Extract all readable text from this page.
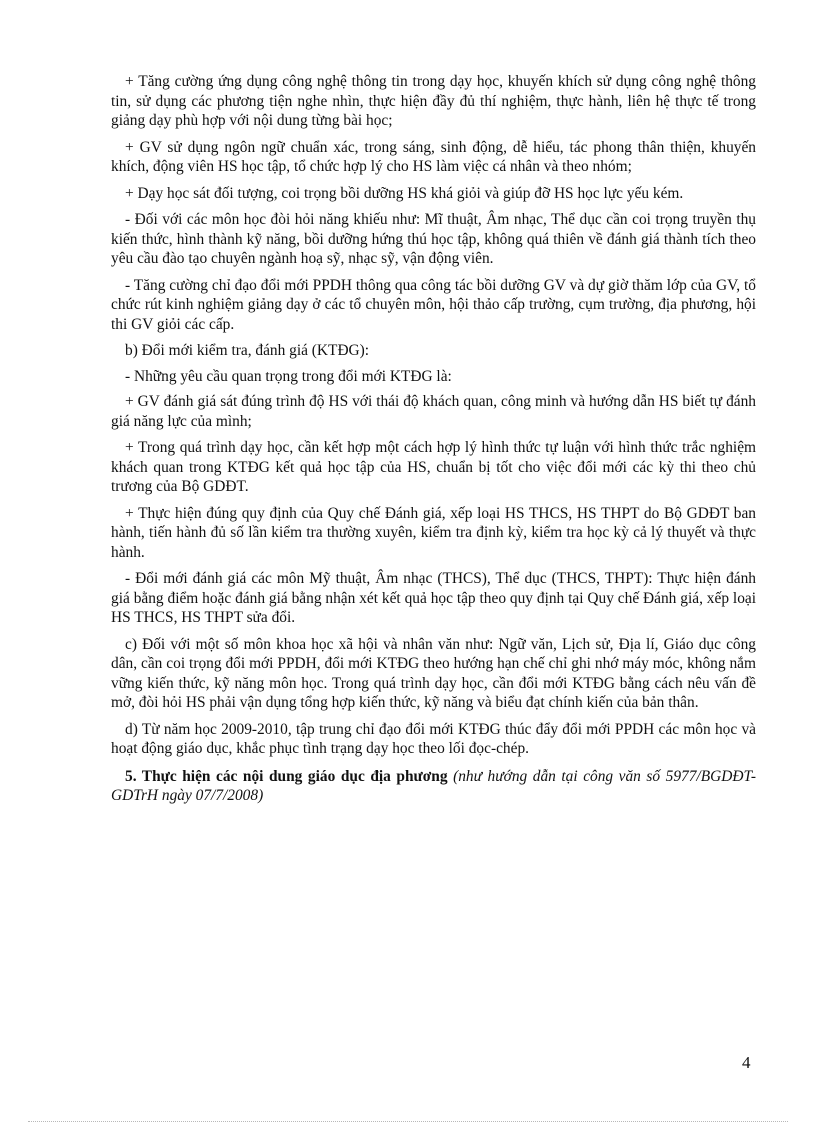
+ Tăng cường ứng dụng công nghệ thông tin trong dạy học, khuyến khích sử dụng công nghệ thông tin, sử dụng các phương tiện nghe nhìn, thực hiện đầy đủ thí nghiệm, thực hành, liên hệ thực tế trong giảng dạy phù hợp với nội dung từng bài học;

+ GV sử dụng ngôn ngữ chuẩn xác, trong sáng, sinh động, dễ hiểu, tác phong thân thiện, khuyến khích, động viên HS học tập, tổ chức hợp lý cho HS làm việc cá nhân và theo nhóm;

+ Dạy học sát đối tượng, coi trọng bồi dưỡng HS khá giỏi và giúp đỡ HS học lực yếu kém.

- Đối với các môn học đòi hỏi năng khiếu như: Mĩ thuật, Âm nhạc, Thể dục cần coi trọng truyền thụ kiến thức, hình thành kỹ năng, bồi dưỡng hứng thú học tập, không quá thiên về đánh giá thành tích theo yêu cầu đào tạo chuyên ngành hoạ sỹ, nhạc sỹ, vận động viên.

- Tăng cường chỉ đạo đổi mới PPDH thông qua công tác bồi dưỡng GV và dự giờ thăm lớp của GV, tổ chức rút kinh nghiệm giảng dạy ở các tổ chuyên môn, hội thảo cấp trường, cụm trường, địa phương, hội thi GV giỏi các cấp.

b) Đổi mới kiểm tra, đánh giá (KTĐG):

- Những yêu cầu quan trọng trong đổi mới KTĐG là:

+ GV đánh giá sát đúng trình độ HS với thái độ khách quan, công minh và hướng dẫn HS biết tự đánh giá năng lực của mình;

+ Trong quá trình dạy học, cần kết hợp một cách hợp lý hình thức tự luận với hình thức trắc nghiệm khách quan trong KTĐG kết quả học tập của HS, chuẩn bị tốt cho việc đổi mới các kỳ thi theo chủ trương của Bộ GDĐT.

+ Thực hiện đúng quy định của Quy chế Đánh giá, xếp loại HS THCS, HS THPT do Bộ GDĐT ban hành, tiến hành đủ số lần kiểm tra thường xuyên, kiểm tra định kỳ, kiểm tra học kỳ cả lý thuyết và thực hành.

- Đổi mới đánh giá các môn Mỹ thuật, Âm nhạc (THCS), Thể dục (THCS, THPT): Thực hiện đánh giá bằng điểm hoặc đánh giá bằng nhận xét kết quả học tập theo quy định tại Quy chế Đánh giá, xếp loại HS THCS, HS THPT sửa đổi.

c) Đối với một số môn khoa học xã hội và nhân văn như: Ngữ văn, Lịch sử, Địa lí, Giáo dục công dân, cần coi trọng đổi mới PPDH, đổi mới KTĐG theo hướng hạn chế chỉ ghi nhớ máy móc, không nắm vững kiến thức, kỹ năng môn học. Trong quá trình dạy học, cần đổi mới KTĐG bằng cách nêu vấn đề mở, đòi hỏi HS phải vận dụng tổng hợp kiến thức, kỹ năng và biểu đạt chính kiến của bản thân.

d) Từ năm học 2009-2010, tập trung chỉ đạo đổi mới KTĐG thúc đẩy đổi mới PPDH các môn học và hoạt động giáo dục, khắc phục tình trạng dạy học theo lối đọc-chép.

5. Thực hiện các nội dung giáo dục địa phương (như hướng dẫn tại công văn số 5977/BGDĐT-GDTrH ngày 07/7/2008)

4
